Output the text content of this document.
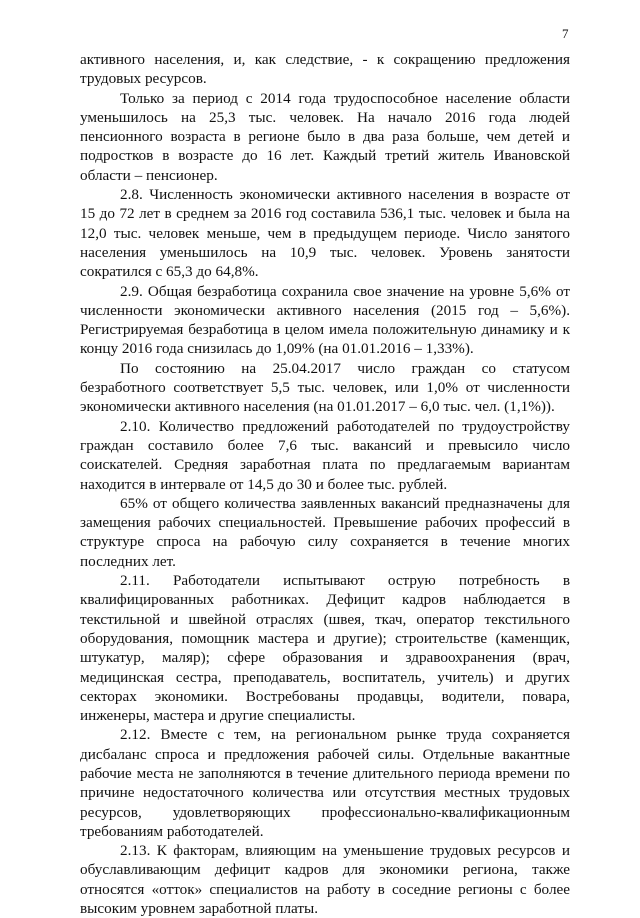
7

активного населения, и, как следствие, - к сокращению предложения трудовых ресурсов.

Только за период с 2014 года трудоспособное население области уменьшилось на 25,3 тыс. человек. На начало 2016 года людей пенсионного возраста в регионе было в два раза больше, чем детей и подростков в возрасте до 16 лет. Каждый третий житель Ивановской области – пенсионер.

2.8. Численность экономически активного населения в возрасте от 15 до 72 лет в среднем за 2016 год составила 536,1 тыс. человек и была на 12,0 тыс. человек меньше, чем в предыдущем периоде. Число занятого населения уменьшилось на 10,9 тыс. человек. Уровень занятости сократился с 65,3 до 64,8%.

2.9. Общая безработица сохранила свое значение на уровне 5,6% от численности экономически активного населения (2015 год – 5,6%). Регистрируемая безработица в целом имела положительную динамику и к концу 2016 года снизилась до 1,09% (на 01.01.2016 – 1,33%).

По состоянию на 25.04.2017 число граждан со статусом безработного соответствует 5,5 тыс. человек, или 1,0% от численности экономически активного населения (на 01.01.2017 – 6,0 тыс. чел. (1,1%)).

2.10. Количество предложений работодателей по трудоустройству граждан составило более 7,6 тыс. вакансий и превысило число соискателей. Средняя заработная плата по предлагаемым вариантам находится в интервале от 14,5 до 30 и более тыс. рублей.

65% от общего количества заявленных вакансий предназначены для замещения рабочих специальностей. Превышение рабочих профессий в структуре спроса на рабочую силу сохраняется в течение многих последних лет.

2.11. Работодатели испытывают острую потребность в квалифицированных работниках. Дефицит кадров наблюдается в текстильной и швейной отраслях (швея, ткач, оператор текстильного оборудования, помощник мастера и другие); строительстве (каменщик, штукатур, маляр); сфере образования и здравоохранения (врач, медицинская сестра, преподаватель, воспитатель, учитель) и других секторах экономики. Востребованы продавцы, водители, повара, инженеры, мастера и другие специалисты.

2.12. Вместе с тем, на региональном рынке труда сохраняется дисбаланс спроса и предложения рабочей силы. Отдельные вакантные рабочие места не заполняются в течение длительного периода времени по причине недостаточного количества или отсутствия местных трудовых ресурсов, удовлетворяющих профессионально-квалификационным требованиям работодателей.

2.13. К факторам, влияющим на уменьшение трудовых ресурсов и обуславливающим дефицит кадров для экономики региона, также относятся «отток» специалистов на работу в соседние регионы с более высоким уровнем заработной платы.
